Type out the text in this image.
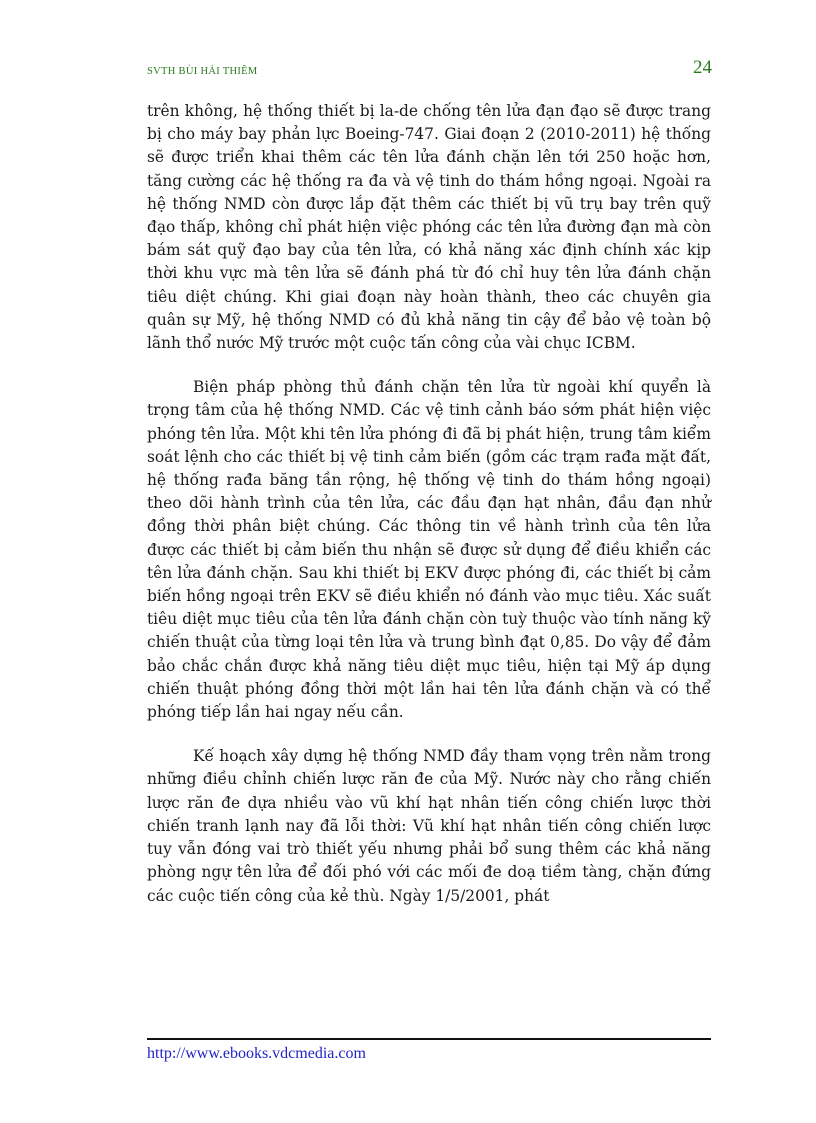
SVTH BÙI HẢI THIÊM	24

trên không, hệ thống thiết bị la-de chống tên lửa đạn đạo sẽ được trang bị cho máy bay phản lực Boeing-747. Giai đoạn 2 (2010-2011) hệ thống sẽ được triển khai thêm các tên lửa đánh chặn lên tới 250 hoặc hơn, tăng cường các hệ thống ra đa và vệ tinh do thám hồng ngoại. Ngoài ra hệ thống NMD còn được lắp đặt thêm các thiết bị vũ trụ bay trên quỹ đạo thấp, không chỉ phát hiện việc phóng các tên lửa đường đạn mà còn bám sát quỹ đạo bay của tên lửa, có khả năng xác định chính xác kịp thời khu vực mà tên lửa sẽ đánh phá từ đó chỉ huy tên lửa đánh chặn tiêu diệt chúng. Khi giai đoạn này hoàn thành, theo các chuyên gia quân sự Mỹ, hệ thống NMD có đủ khả năng tin cậy để bảo vệ toàn bộ lãnh thổ nước Mỹ trước một cuộc tấn công của vài chục ICBM.

Biện pháp phòng thủ đánh chặn tên lửa từ ngoài khí quyển là trọng tâm của hệ thống NMD. Các vệ tinh cảnh báo sớm phát hiện việc phóng tên lửa. Một khi tên lửa phóng đi đã bị phát hiện, trung tâm kiểm soát lệnh cho các thiết bị vệ tinh cảm biến (gồm các trạm rađa mặt đất, hệ thống rađa băng tần rộng, hệ thống vệ tinh do thám hồng ngoại) theo dõi hành trình của tên lửa, các đầu đạn hạt nhân, đầu đạn nhử đồng thời phân biệt chúng. Các thông tin về hành trình của tên lửa được các thiết bị cảm biến thu nhận sẽ được sử dụng để điều khiển các tên lửa đánh chặn. Sau khi thiết bị EKV được phóng đi, các thiết bị cảm biến hồng ngoại trên EKV sẽ điều khiển nó đánh vào mục tiêu. Xác suất tiêu diệt mục tiêu của tên lửa đánh chặn còn tuỳ thuộc vào tính năng kỹ chiến thuật của từng loại tên lửa và trung bình đạt 0,85. Do vậy để đảm bảo chắc chắn được khả năng tiêu diệt mục tiêu, hiện tại Mỹ áp dụng chiến thuật phóng đồng thời một lần hai tên lửa đánh chặn và có thể phóng tiếp lần hai ngay nếu cần.

Kế hoạch xây dựng hệ thống NMD đầy tham vọng trên nằm trong những điều chỉnh chiến lược răn đe của Mỹ. Nước này cho rằng chiến lược răn đe dựa nhiều vào vũ khí hạt nhân tiến công chiến lược thời chiến tranh lạnh nay đã lỗi thời: Vũ khí hạt nhân tiến công chiến lược tuy vẫn đóng vai trò thiết yếu nhưng phải bổ sung thêm các khả năng phòng ngự tên lửa để đối phó với các mối đe doạ tiềm tàng, chặn đứng các cuộc tiến công của kẻ thù. Ngày 1/5/2001, phát

http://www.ebooks.vdcmedia.com
